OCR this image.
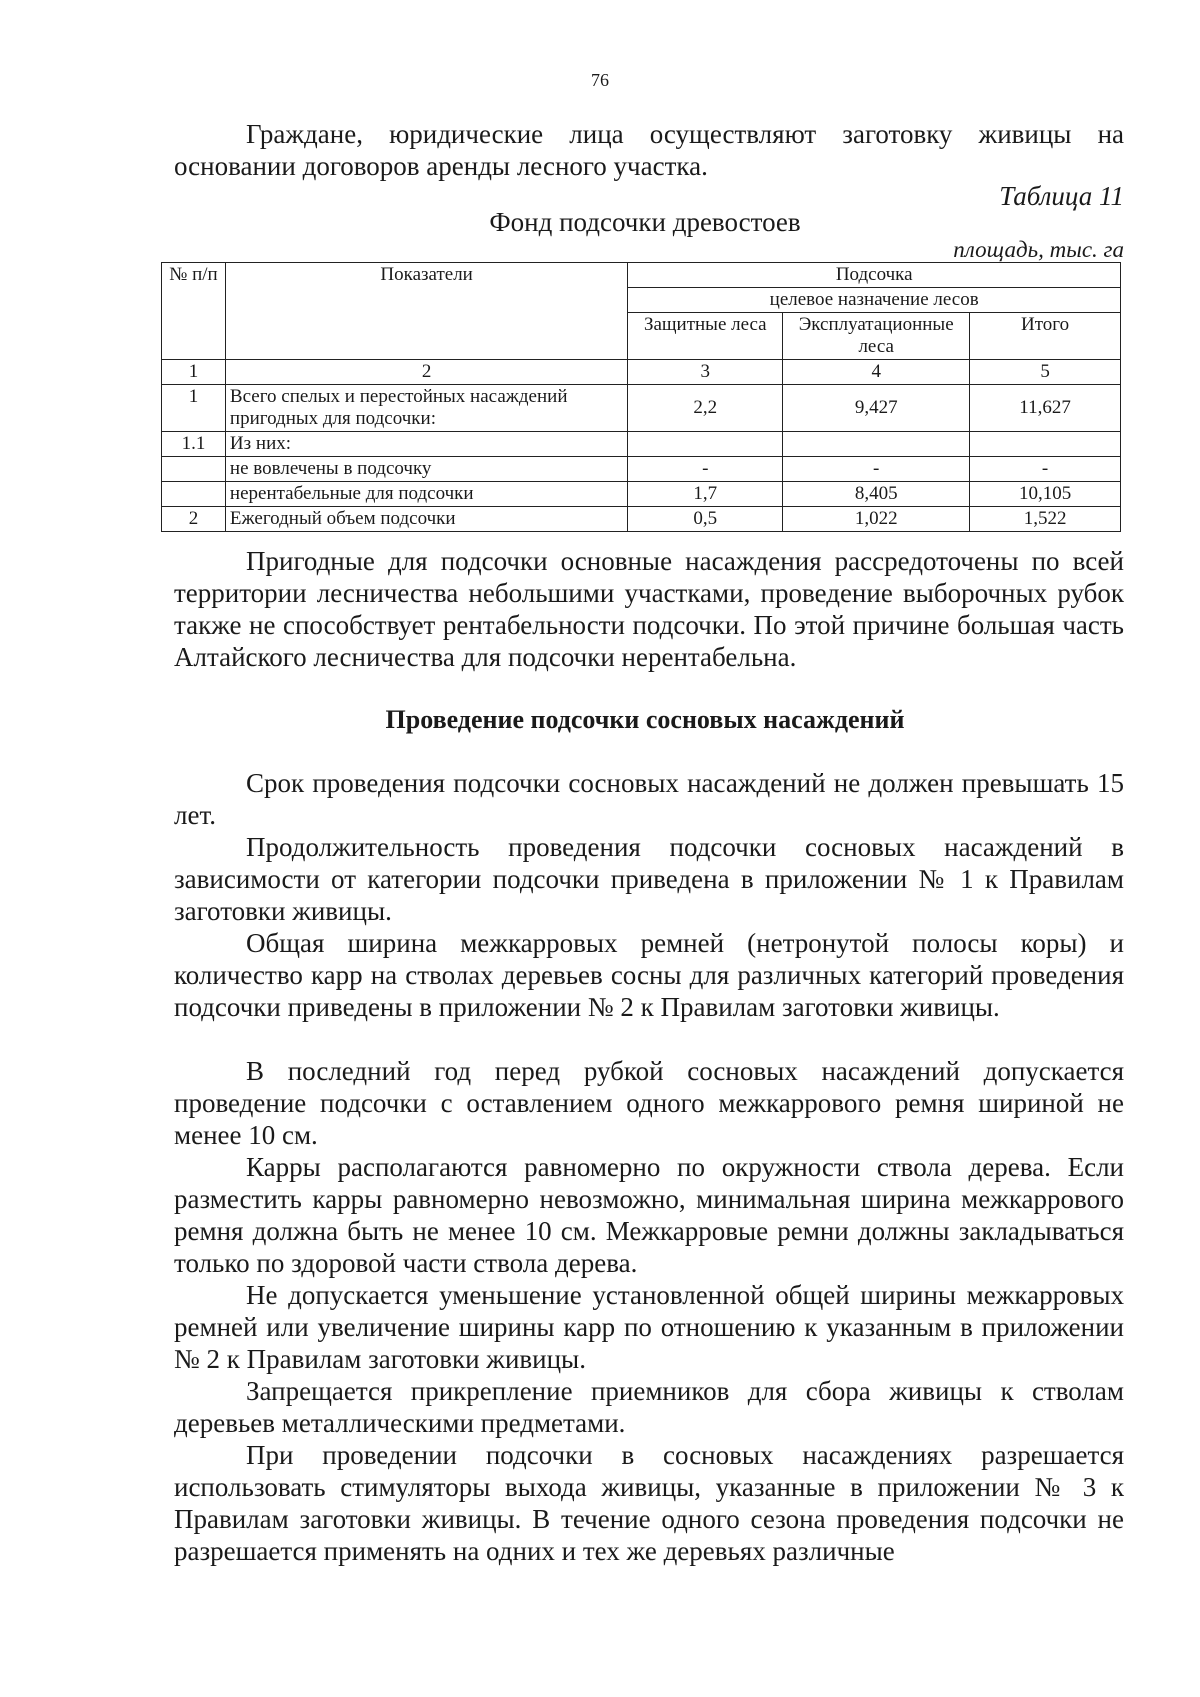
76

Граждане, юридические лица осуществляют заготовку живицы на основании договоров аренды лесного участка.

Таблица 11
Фонд подсочки древостоев
площадь, тыс. га
№ п/п	Показатели	Подсочка		
		целевое назначение лесов		
		Защитные леса	Эксплуатационные леса	Итого
1	2	3	4	5
1	Всего спелых и перестойных насаждений пригодных для подсочки:	2,2	9,427	11,627
1.1	Из них:			
	не вовлечены в подсочку	-	-	-
	нерентабельные для подсочки	1,7	8,405	10,105
2	Ежегодный объем подсочки	0,5	1,022	1,522

Пригодные для подсочки основные насаждения рассредоточены по всей территории лесничества небольшими участками, проведение выборочных рубок также не способствует рентабельности подсочки. По этой причине большая часть Алтайского лесничества для подсочки нерентабельна.

Проведение подсочки сосновых насаждений

Срок проведения подсочки сосновых насаждений не должен превышать 15 лет.

Продолжительность проведения подсочки сосновых насаждений в зависимости от категории подсочки приведена в приложении № 1 к Правилам заготовки живицы.

Общая ширина межкарровых ремней (нетронутой полосы коры) и количество карр на стволах деревьев сосны для различных категорий проведения подсочки приведены в приложении № 2 к Правилам заготовки живицы.

В последний год перед рубкой сосновых насаждений допускается проведение подсочки с оставлением одного межкаррового ремня шириной не менее 10 см.

Карры располагаются равномерно по окружности ствола дерева. Если разместить карры равномерно невозможно, минимальная ширина межкаррового ремня должна быть не менее 10 см. Межкарровые ремни должны закладываться только по здоровой части ствола дерева.

Не допускается уменьшение установленной общей ширины межкарровых ремней или увеличение ширины карр по отношению к указанным в приложении № 2 к Правилам заготовки живицы.

Запрещается прикрепление приемников для сбора живицы к стволам деревьев металлическими предметами.

При проведении подсочки в сосновых насаждениях разрешается использовать стимуляторы выхода живицы, указанные в приложении № 3 к Правилам заготовки живицы. В течение одного сезона проведения подсочки не разрешается применять на одних и тех же деревьях различные
